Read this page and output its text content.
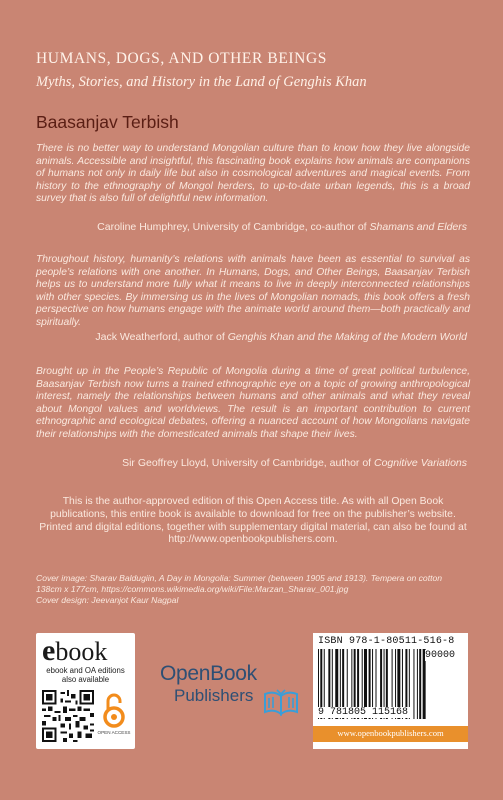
HUMANS, DOGS, AND OTHER BEINGS
Myths, Stories, and History in the Land of Genghis Khan
Baasanjav Terbish

There is no better way to understand Mongolian culture than to know how they live alongside animals. Accessible and insightful, this fascinating book explains how animals are companions of humans not only in daily life but also in cosmological adventures and magical events. From history to the ethnography of Mongol herders, to up-to-date urban legends, this is a broad survey that is also full of delightful new information.

Caroline Humphrey, University of Cambridge, co-author of Shamans and Elders

Throughout history, humanity’s relations with animals have been as essential to survival as people’s relations with one another. In Humans, Dogs, and Other Beings, Baasanjav Terbish helps us to understand more fully what it means to live in deeply interconnected relationships with other species. By immersing us in the lives of Mongolian nomads, this book offers a fresh perspective on how humans engage with the animate world around them—both practically and spiritually.

Jack Weatherford, author of Genghis Khan and the Making of the Modern World

Brought up in the People’s Republic of Mongolia during a time of great political turbulence, Baasanjav Terbish now turns a trained ethnographic eye on a topic of growing anthropological interest, namely the relationships between humans and other animals and what they reveal about Mongol values and worldviews. The result is an important contribution to current ethnographic and ecological debates, offering a nuanced account of how Mongolians navigate their relationships with the domesticated animals that shape their lives.

Sir Geoffrey Lloyd, University of Cambridge, author of Cognitive Variations
This is the author-approved edition of this Open Access title. As with all Open Book publications, this entire book is available to download for free on the publisher’s website. Printed and digital editions, together with supplementary digital material, can also be found at http://www.openbookpublishers.com.
Cover image: Sharav Baldugiin, A Day in Mongolia: Summer (between 1905 and 1913). Tempera on cotton 138cm x 177cm, https://commons.wikimedia.org/wiki/File:Marzan_Sharav_001.jpg
Cover design: Jeevanjot Kaur Nagpal
ebook
ebook and OA editions also available
OPEN ACCESS
OpenBook
Publishers
ISBN 978-1-80511-516-8
9 781805 115168
90000
www.openbookpublishers.com
